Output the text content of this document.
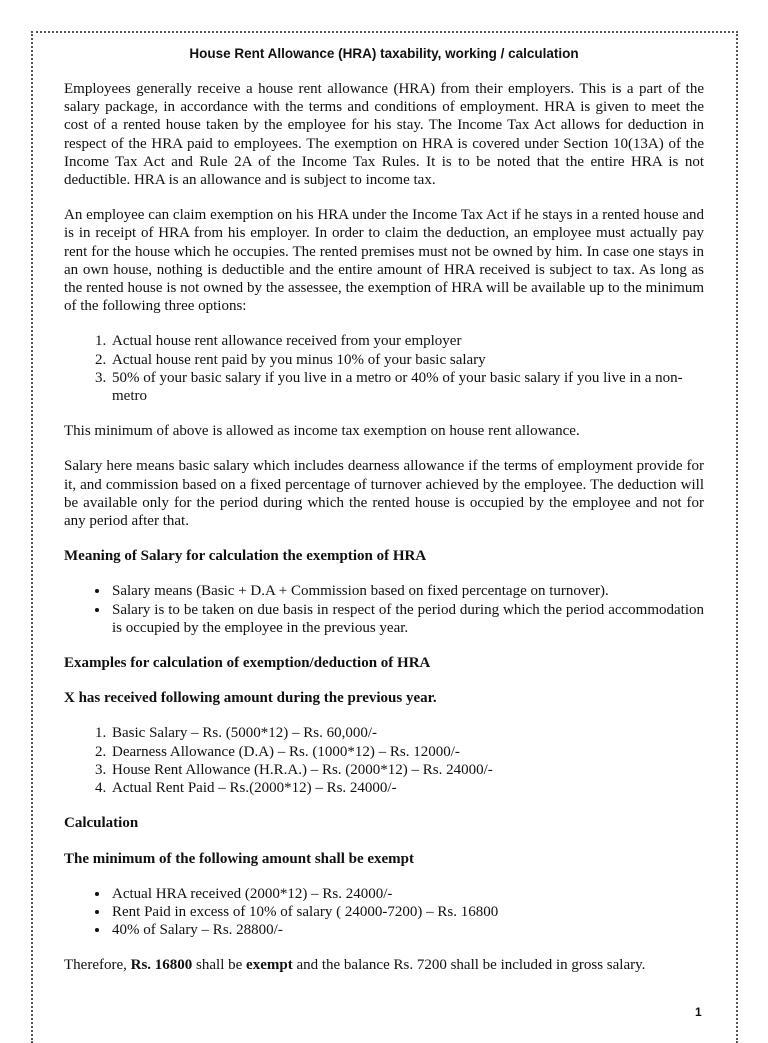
House Rent Allowance (HRA) taxability, working / calculation

Employees generally receive a house rent allowance (HRA) from their employers. This is a part of the salary package, in accordance with the terms and conditions of employment. HRA is given to meet the cost of a rented house taken by the employee for his stay. The Income Tax Act allows for deduction in respect of the HRA paid to employees. The exemption on HRA is covered under Section 10(13A) of the Income Tax Act and Rule 2A of the Income Tax Rules. It is to be noted that the entire HRA is not deductible. HRA is an allowance and is subject to income tax.

An employee can claim exemption on his HRA under the Income Tax Act if he stays in a rented house and is in receipt of HRA from his employer. In order to claim the deduction, an employee must actually pay rent for the house which he occupies. The rented premises must not be owned by him. In case one stays in an own house, nothing is deductible and the entire amount of HRA received is subject to tax. As long as the rented house is not owned by the assessee, the exemption of HRA will be available up to the minimum of the following three options:

1. Actual house rent allowance received from your employer
2. Actual house rent paid by you minus 10% of your basic salary
3. 50% of your basic salary if you live in a metro or 40% of your basic salary if you live in a non-metro

This minimum of above is allowed as income tax exemption on house rent allowance.

Salary here means basic salary which includes dearness allowance if the terms of employment provide for it, and commission based on a fixed percentage of turnover achieved by the employee. The deduction will be available only for the period during which the rented house is occupied by the employee and not for any period after that.

Meaning of Salary for calculation the exemption of HRA

• Salary means (Basic + D.A + Commission based on fixed percentage on turnover).
• Salary is to be taken on due basis in respect of the period during which the period accommodation is occupied by the employee in the previous year.

Examples for calculation of exemption/deduction of HRA

X has received following amount during the previous year.

1. Basic Salary – Rs. (5000*12) – Rs. 60,000/-
2. Dearness Allowance (D.A) – Rs. (1000*12) – Rs. 12000/-
3. House Rent Allowance (H.R.A.) – Rs. (2000*12) – Rs. 24000/-
4. Actual Rent Paid – Rs.(2000*12) – Rs. 24000/-

Calculation

The minimum of the following amount shall be exempt

• Actual HRA received (2000*12) – Rs. 24000/-
• Rent Paid in excess of 10% of salary ( 24000-7200) – Rs. 16800
• 40% of Salary – Rs. 28800/-

Therefore, Rs. 16800 shall be exempt and the balance Rs. 7200 shall be included in gross salary.

1
